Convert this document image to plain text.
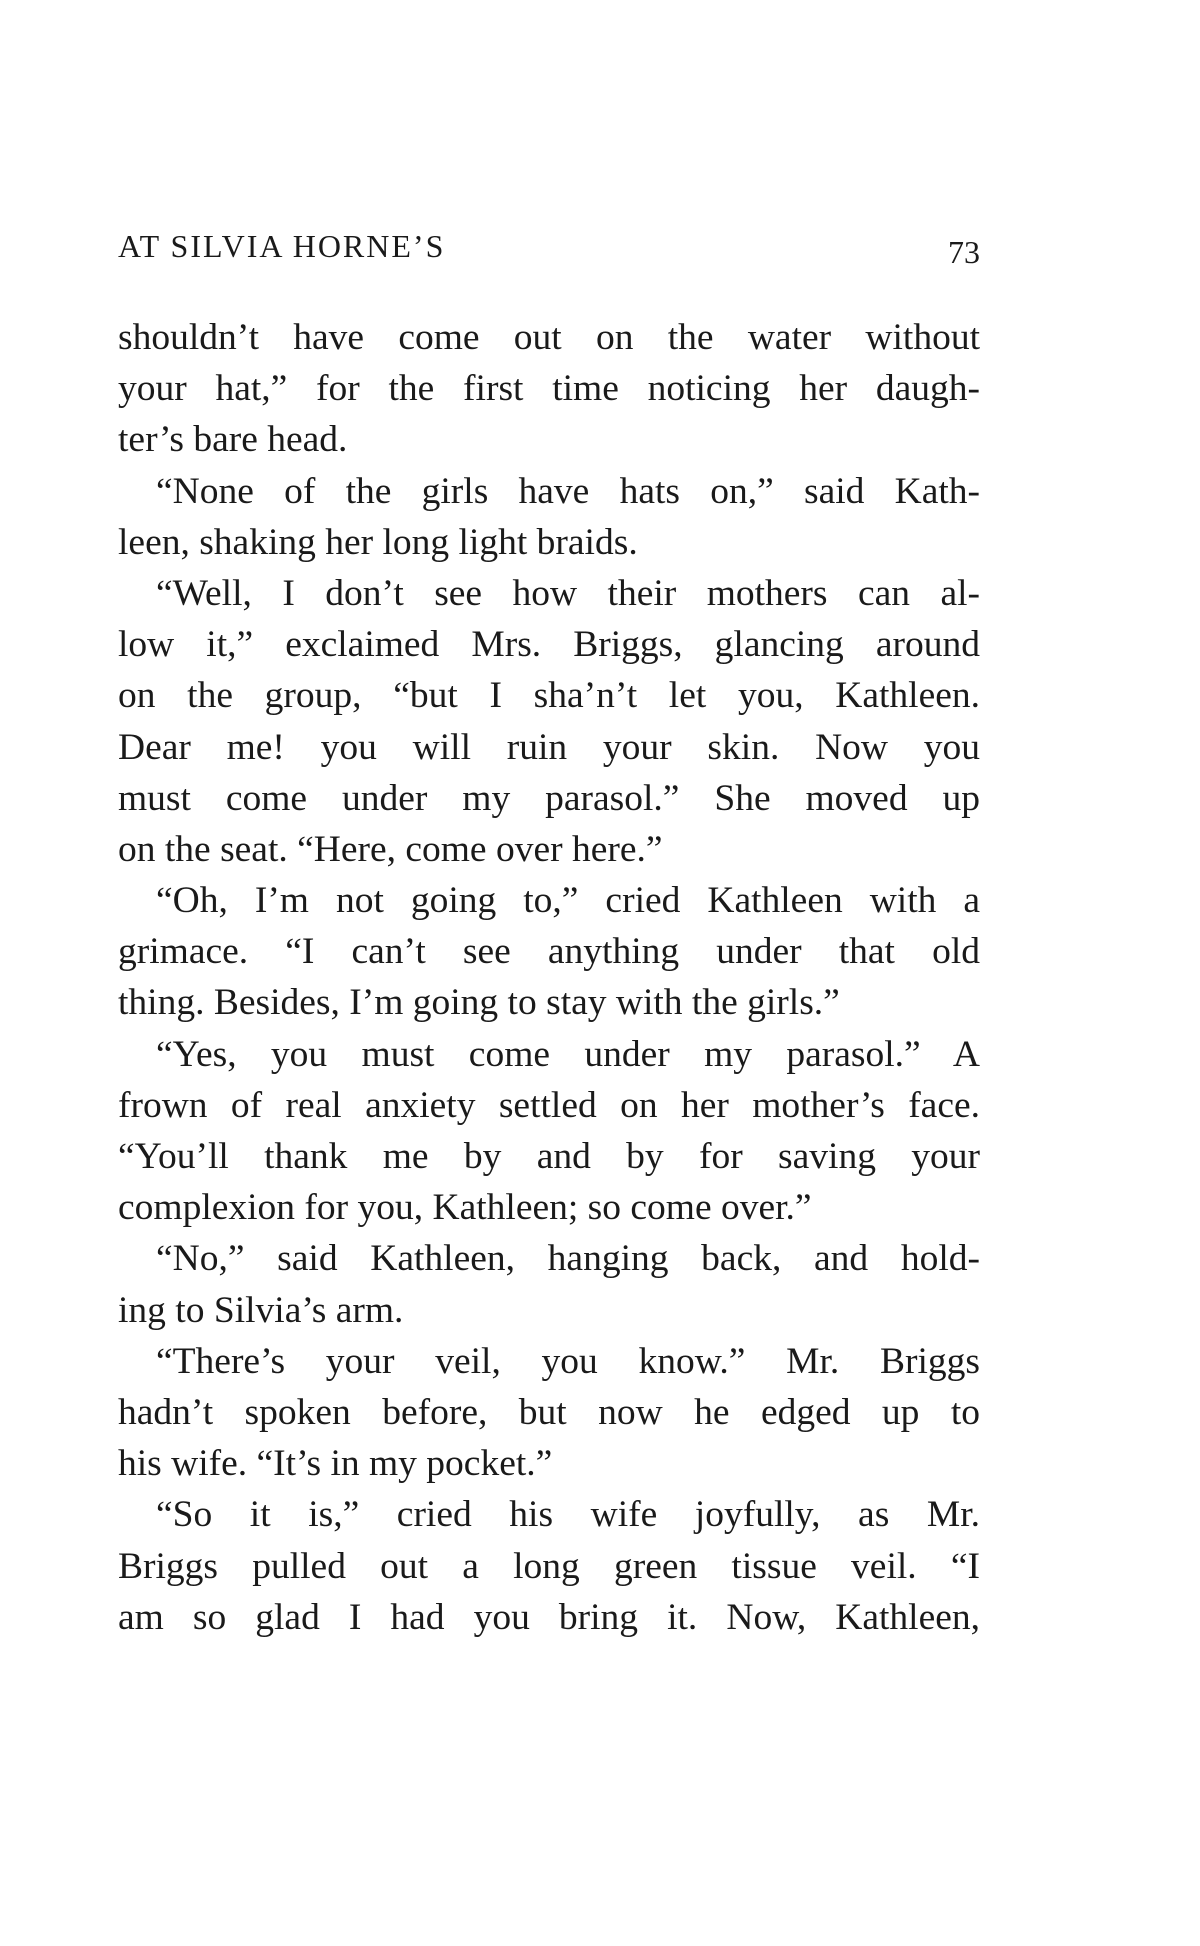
AT SILVIA HORNE’S	73
shouldn’t have come out on the water without
your hat,” for the first time noticing her daugh-
ter’s bare head.
“None of the girls have hats on,” said Kath-
leen, shaking her long light braids.
“Well, I don’t see how their mothers can al-
low it,” exclaimed Mrs. Briggs, glancing around
on the group, “but I sha’n’t let you, Kathleen.
Dear me! you will ruin your skin. Now you
must come under my parasol.” She moved up
on the seat. “Here, come over here.”
“Oh, I’m not going to,” cried Kathleen with a
grimace. “I can’t see anything under that old
thing. Besides, I’m going to stay with the girls.”
“Yes, you must come under my parasol.” A
frown of real anxiety settled on her mother’s face.
“You’ll thank me by and by for saving your
complexion for you, Kathleen; so come over.”
“No,” said Kathleen, hanging back, and hold-
ing to Silvia’s arm.
“There’s your veil, you know.” Mr. Briggs
hadn’t spoken before, but now he edged up to
his wife. “It’s in my pocket.”
“So it is,” cried his wife joyfully, as Mr.
Briggs pulled out a long green tissue veil. “I
am so glad I had you bring it. Now, Kathleen,
